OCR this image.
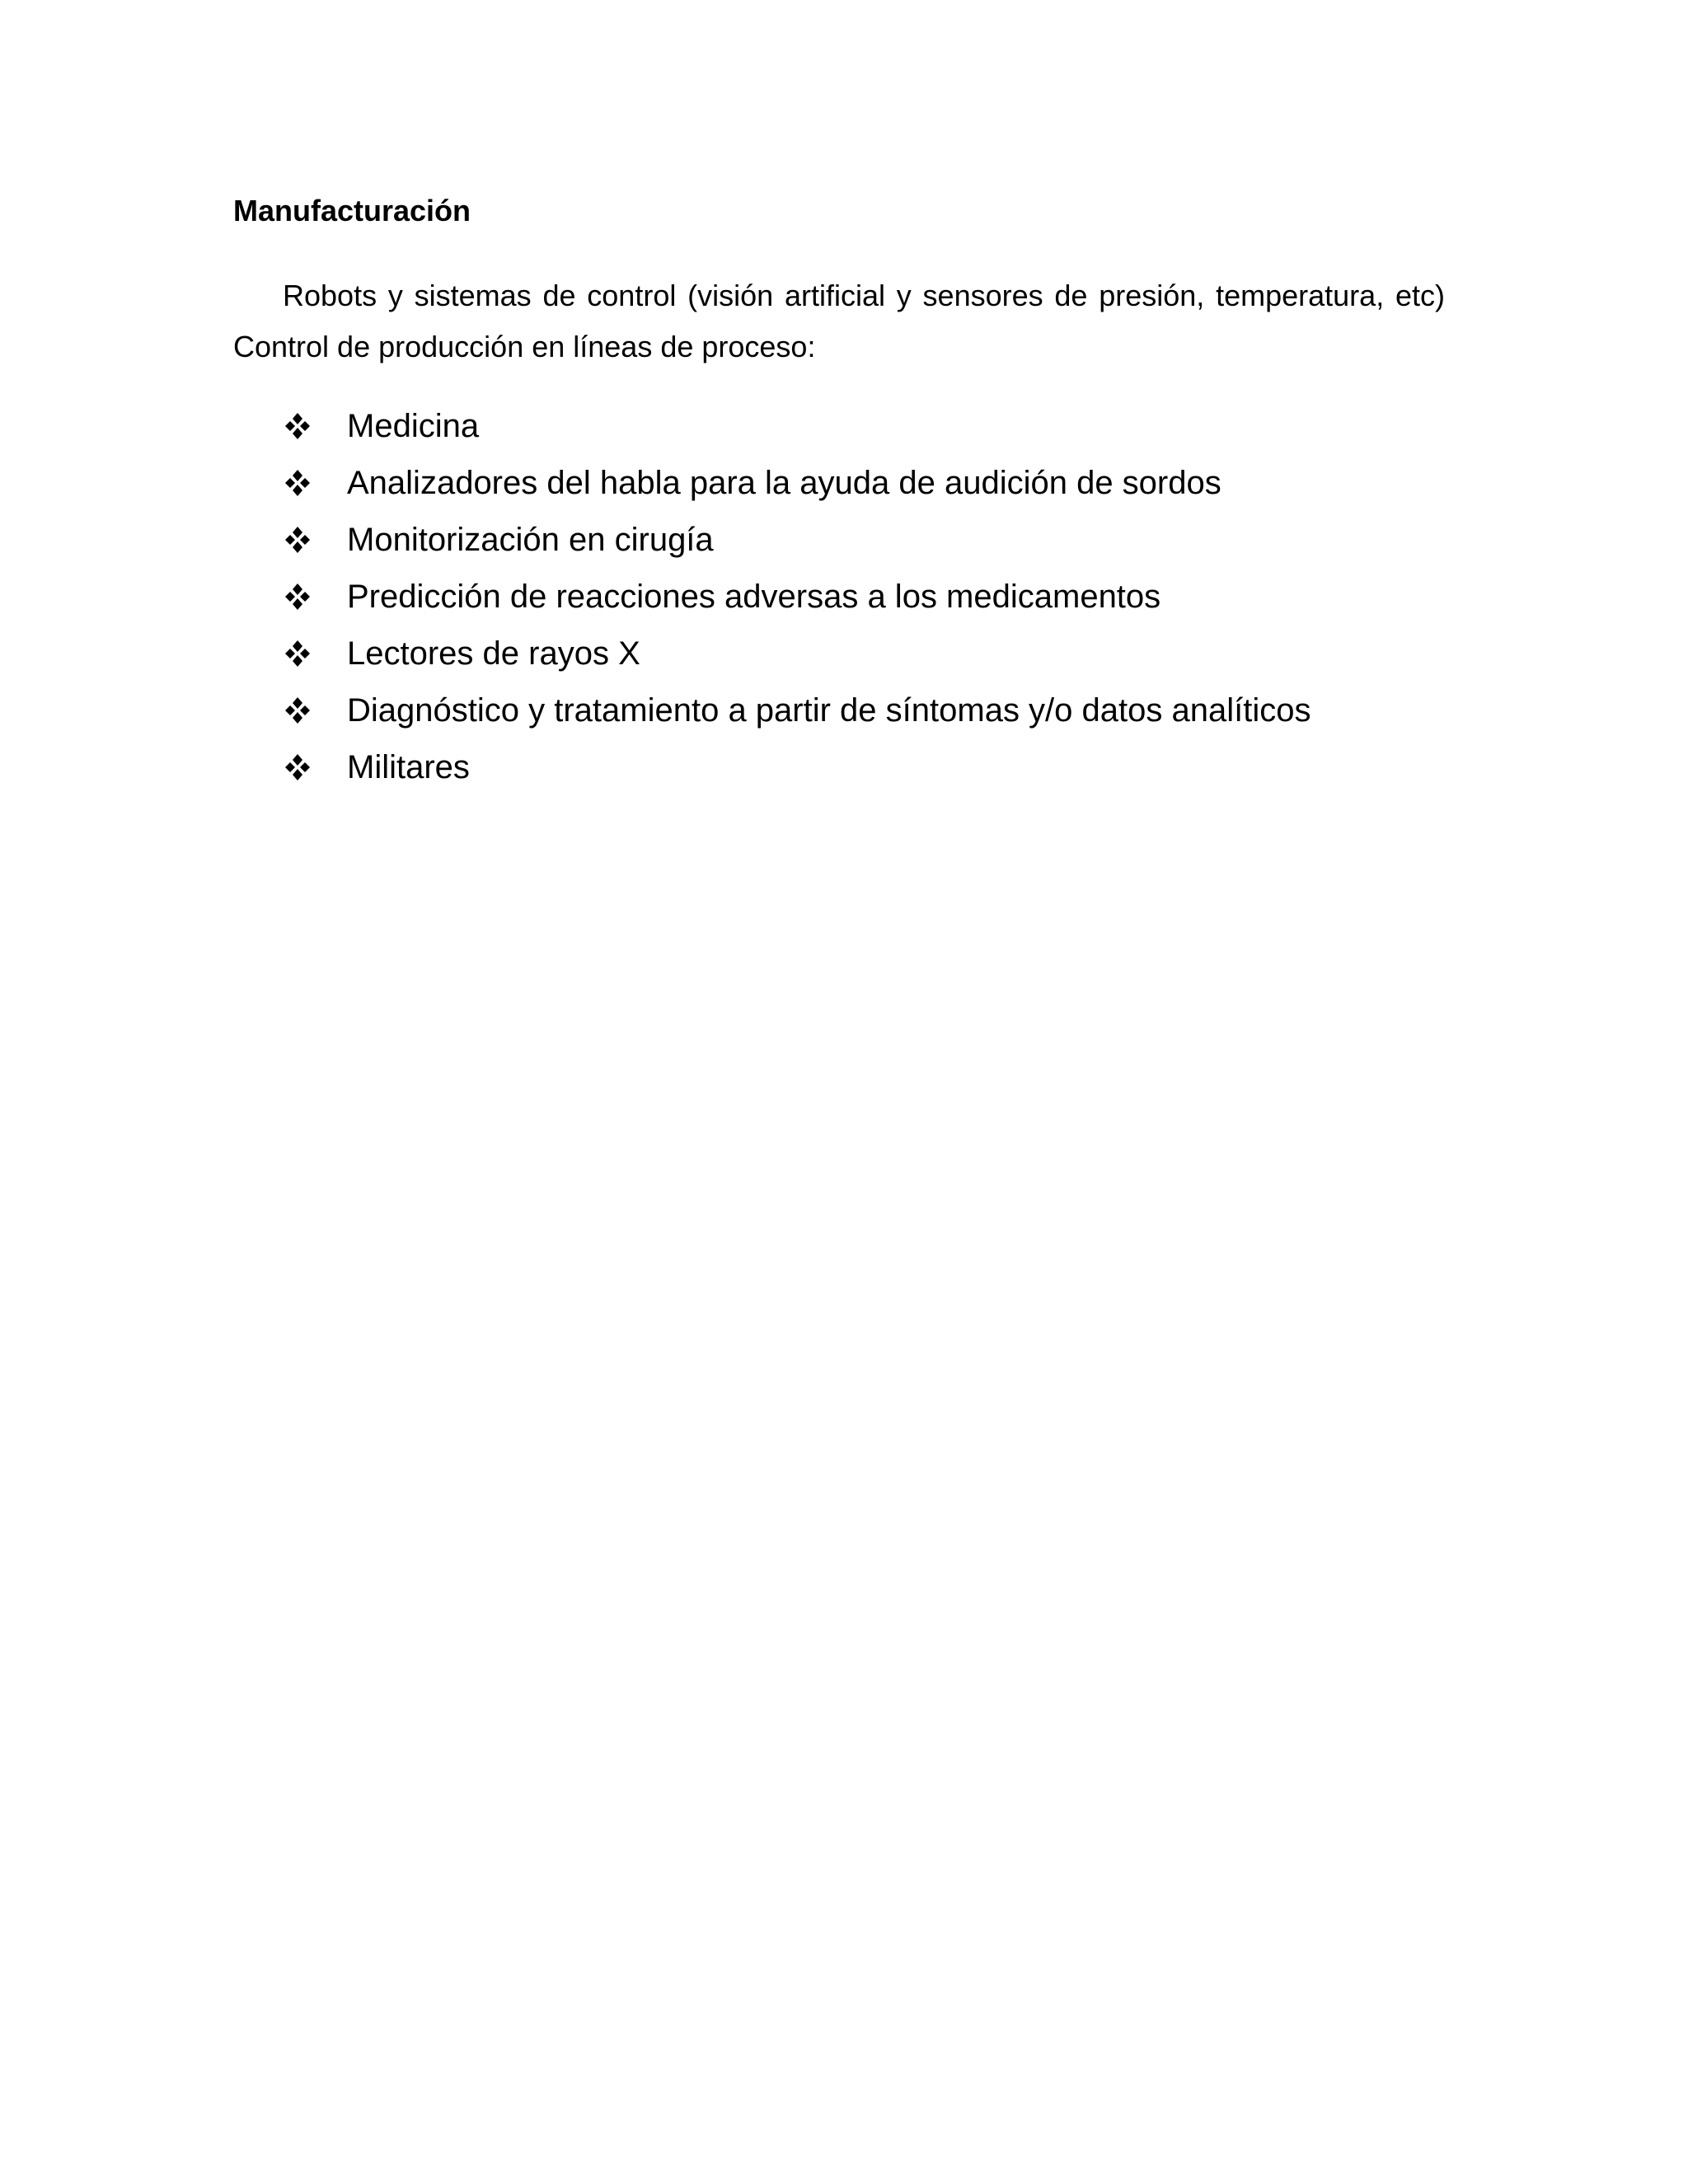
Manufacturación

Robots y sistemas de control (visión artificial y sensores de presión, temperatura, etc)
Control de producción en líneas de proceso:

Medicina
Analizadores del habla para la ayuda de audición de sordos
Monitorización en cirugía
Predicción de reacciones adversas a los medicamentos
Lectores de rayos X
Diagnóstico y tratamiento a partir de síntomas y/o datos analíticos
Militares
